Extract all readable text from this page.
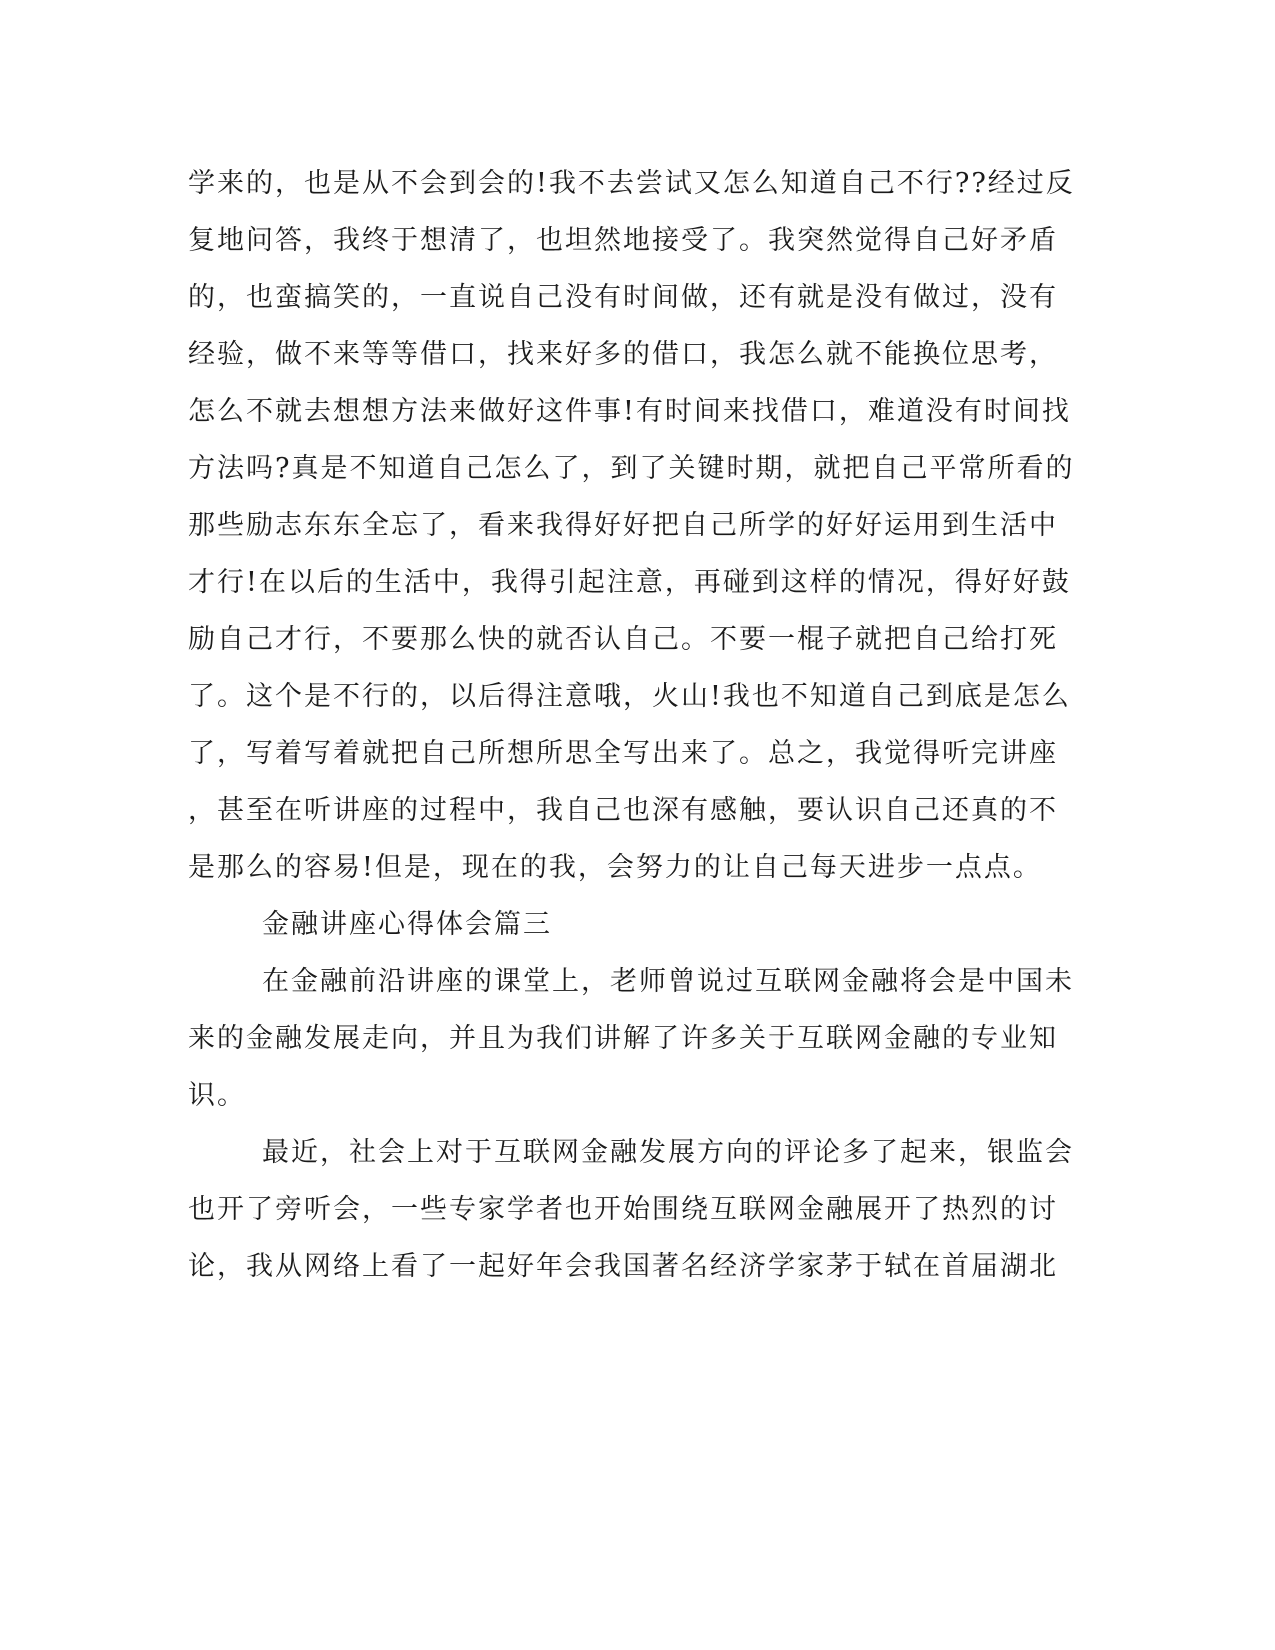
学来的，也是从不会到会的!我不去尝试又怎么知道自己不行??经过反
复地问答，我终于想清了，也坦然地接受了。我突然觉得自己好矛盾
的，也蛮搞笑的，一直说自己没有时间做，还有就是没有做过，没有
经验，做不来等等借口，找来好多的借口，我怎么就不能换位思考，
怎么不就去想想方法来做好这件事!有时间来找借口，难道没有时间找
方法吗?真是不知道自己怎么了，到了关键时期，就把自己平常所看的
那些励志东东全忘了，看来我得好好把自己所学的好好运用到生活中
才行!在以后的生活中，我得引起注意，再碰到这样的情况，得好好鼓
励自己才行，不要那么快的就否认自己。不要一棍子就把自己给打死
了。这个是不行的，以后得注意哦，火山!我也不知道自己到底是怎么
了，写着写着就把自己所想所思全写出来了。总之，我觉得听完讲座
，甚至在听讲座的过程中，我自己也深有感触，要认识自己还真的不
是那么的容易!但是，现在的我，会努力的让自己每天进步一点点。
金融讲座心得体会篇三
在金融前沿讲座的课堂上，老师曾说过互联网金融将会是中国未
来的金融发展走向，并且为我们讲解了许多关于互联网金融的专业知
识。
最近，社会上对于互联网金融发展方向的评论多了起来，银监会
也开了旁听会，一些专家学者也开始围绕互联网金融展开了热烈的讨
论，我从网络上看了一起好年会我国著名经济学家茅于轼在首届湖北
